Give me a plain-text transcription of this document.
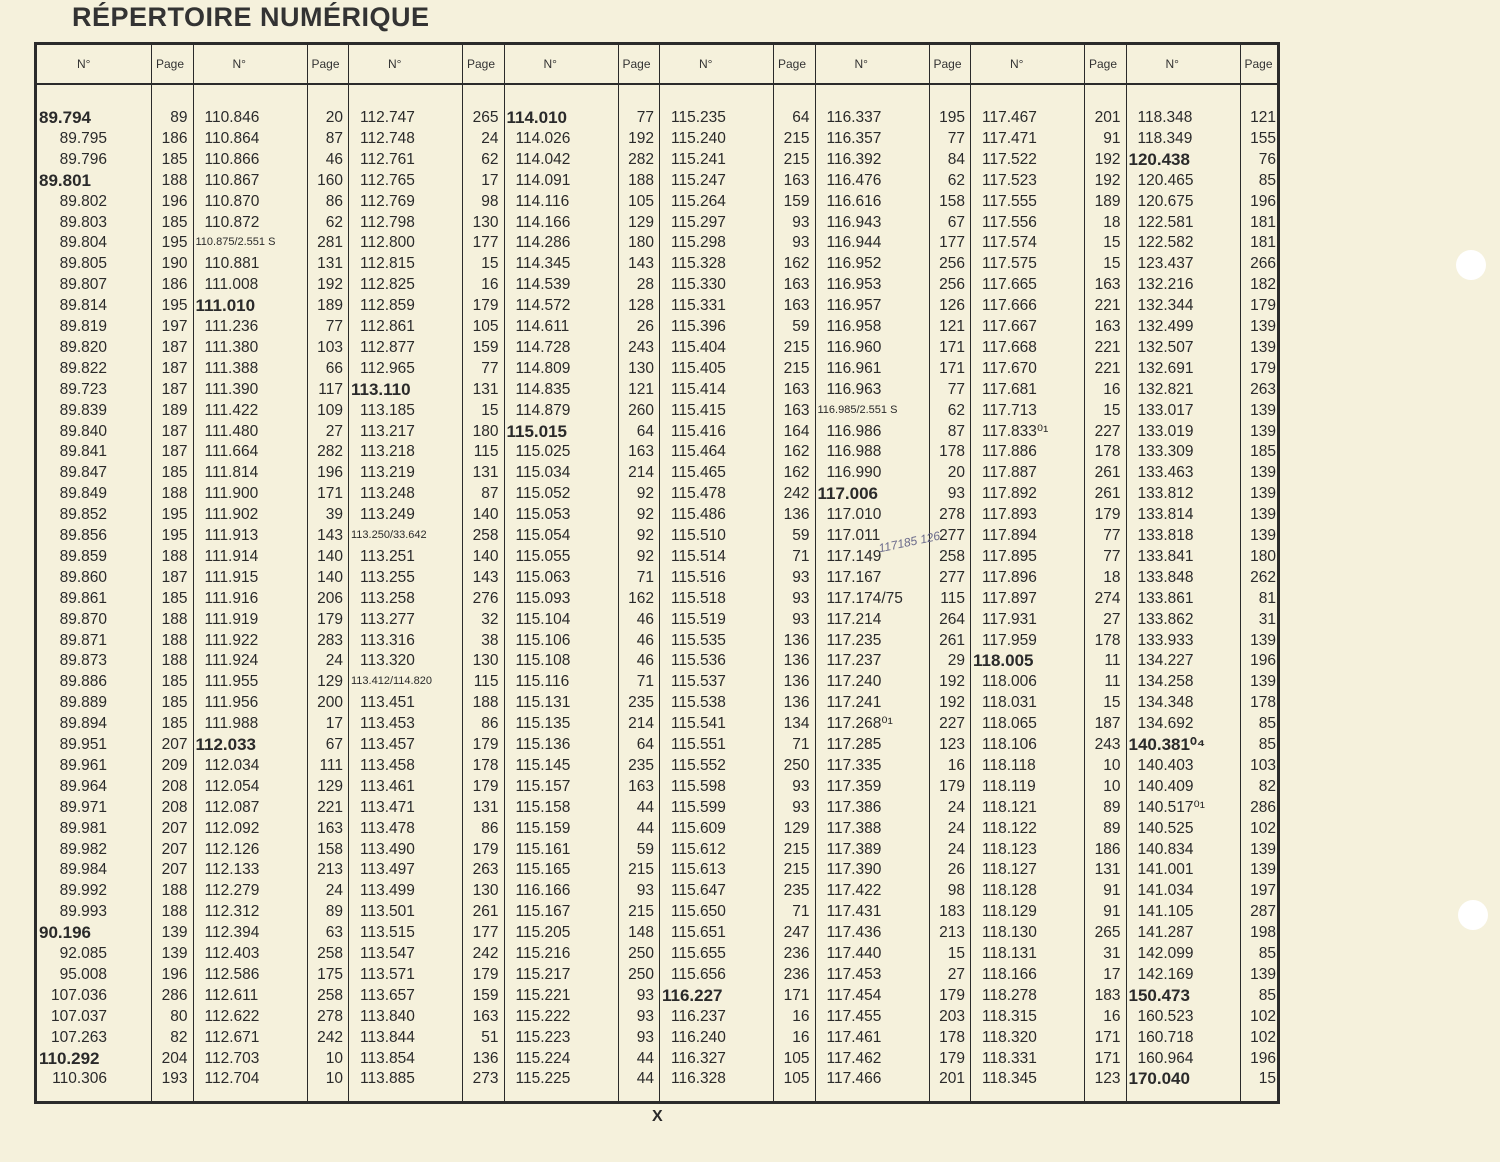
RÉPERTOIRE NUMÉRIQUE
N°	Page
89.794	89
89.795	186
89.796	185
89.801	188
89.802	196
89.803	185
89.804	195
89.805	190
89.807	186
89.814	195
89.819	197
89.820	187
89.822	187
89.723	187
89.839	189
89.840	187
89.841	187
89.847	185
89.849	188
89.852	195
89.856	195
89.859	188
89.860	187
89.861	185
89.870	188
89.871	188
89.873	188
89.886	185
89.889	185
89.894	185
89.951	207
89.961	209
89.964	208
89.971	208
89.981	207
89.982	207
89.984	207
89.992	188
89.993	188
90.196	139
92.085	139
95.008	196
107.036	286
107.037	80
107.263	82
110.292	204
110.306	193
N°	Page
110.846	20
110.864	87
110.866	46
110.867	160
110.870	86
110.872	62
110.875/2.551 S	281
110.881	131
111.008	192
111.010	189
111.236	77
111.380	103
111.388	66
111.390	117
111.422	109
111.480	27
111.664	282
111.814	196
111.900	171
111.902	39
111.913	143
111.914	140
111.915	140
111.916	206
111.919	179
111.922	283
111.924	24
111.955	129
111.956	200
111.988	17
112.033	67
112.034	111
112.054	129
112.087	221
112.092	163
112.126	158
112.133	213
112.279	24
112.312	89
112.394	63
112.403	258
112.586	175
112.611	258
112.622	278
112.671	242
112.703	10
112.704	10
N°	Page
112.747	265
112.748	24
112.761	62
112.765	17
112.769	98
112.798	130
112.800	177
112.815	15
112.825	16
112.859	179
112.861	105
112.877	159
112.965	77
113.110	131
113.185	15
113.217	180
113.218	115
113.219	131
113.248	87
113.249	140
113.250/33.642	258
113.251	140
113.255	143
113.258	276
113.277	32
113.316	38
113.320	130
113.412/114.820	115
113.451	188
113.453	86
113.457	179
113.458	178
113.461	179
113.471	131
113.478	86
113.490	179
113.497	263
113.499	130
113.501	261
113.515	177
113.547	242
113.571	179
113.657	159
113.840	163
113.844	51
113.854	136
113.885	273
N°	Page
114.010	77
114.026	192
114.042	282
114.091	188
114.116	105
114.166	129
114.286	180
114.345	143
114.539	28
114.572	128
114.611	26
114.728	243
114.809	130
114.835	121
114.879	260
115.015	64
115.025	163
115.034	214
115.052	92
115.053	92
115.054	92
115.055	92
115.063	71
115.093	162
115.104	46
115.106	46
115.108	46
115.116	71
115.131	235
115.135	214
115.136	64
115.145	235
115.157	163
115.158	44
115.159	44
115.161	59
115.165	215
116.166	93
115.167	215
115.205	148
115.216	250
115.217	250
115.221	93
115.222	93
115.223	93
115.224	44
115.225	44
N°	Page
115.235	64
115.240	215
115.241	215
115.247	163
115.264	159
115.297	93
115.298	93
115.328	162
115.330	163
115.331	163
115.396	59
115.404	215
115.405	215
115.414	163
115.415	163
115.416	164
115.464	162
115.465	162
115.478	242
115.486	136
115.510	59
115.514	71
115.516	93
115.518	93
115.519	93
115.535	136
115.536	136
115.537	136
115.538	136
115.541	134
115.551	71
115.552	250
115.598	93
115.599	93
115.609	129
115.612	215
115.613	215
115.647	235
115.650	71
115.651	247
115.655	236
115.656	236
116.227	171
116.237	16
116.240	16
116.327	105
116.328	105
N°	Page
116.337	195
116.357	77
116.392	84
116.476	62
116.616	158
116.943	67
116.944	177
116.952	256
116.953	256
116.957	126
116.958	121
116.960	171
116.961	171
116.963	77
116.985/2.551 S	62
116.986	87
116.988	178
116.990	20
117.006	93
117.010	278
117.011	277
117.149	258
117.167	277
117.174/75	115
117.214	264
117.235	261
117.237	29
117.240	192
117.241	192
117.268⁰¹	227
117.285	123
117.335	16
117.359	179
117.386	24
117.388	24
117.389	24
117.390	26
117.422	98
117.431	183
117.436	213
117.440	15
117.453	27
117.454	179
117.455	203
117.461	178
117.462	179
117.466	201
N°	Page
117.467	201
117.471	91
117.522	192
117.523	192
117.555	189
117.556	18
117.574	15
117.575	15
117.665	163
117.666	221
117.667	163
117.668	221
117.670	221
117.681	16
117.713	15
117.833⁰¹	227
117.886	178
117.887	261
117.892	261
117.893	179
117.894	77
117.895	77
117.896	18
117.897	274
117.931	27
117.959	178
118.005	11
118.006	11
118.031	15
118.065	187
118.106	243
118.118	10
118.119	10
118.121	89
118.122	89
118.123	186
118.127	131
118.128	91
118.129	91
118.130	265
118.131	31
118.166	17
118.278	183
118.315	16
118.320	171
118.331	171
118.345	123
N°	Page
118.348	121
118.349	155
120.438	76
120.465	85
120.675	196
122.581	181
122.582	181
123.437	266
132.216	182
132.344	179
132.499	139
132.507	139
132.691	179
132.821	263
133.017	139
133.019	139
133.309	185
133.463	139
133.812	139
133.814	139
133.818	139
133.841	180
133.848	262
133.861	81
133.862	31
133.933	139
134.227	196
134.258	139
134.348	178
134.692	85
140.381⁰⁴	85
140.403	103
140.409	82
140.517⁰¹	286
140.525	102
140.834	139
141.001	139
141.034	197
141.105	287
141.287	198
142.099	85
142.169	139
150.473	85
160.523	102
160.718	102
160.964	196
170.040	15
117185 126
X
